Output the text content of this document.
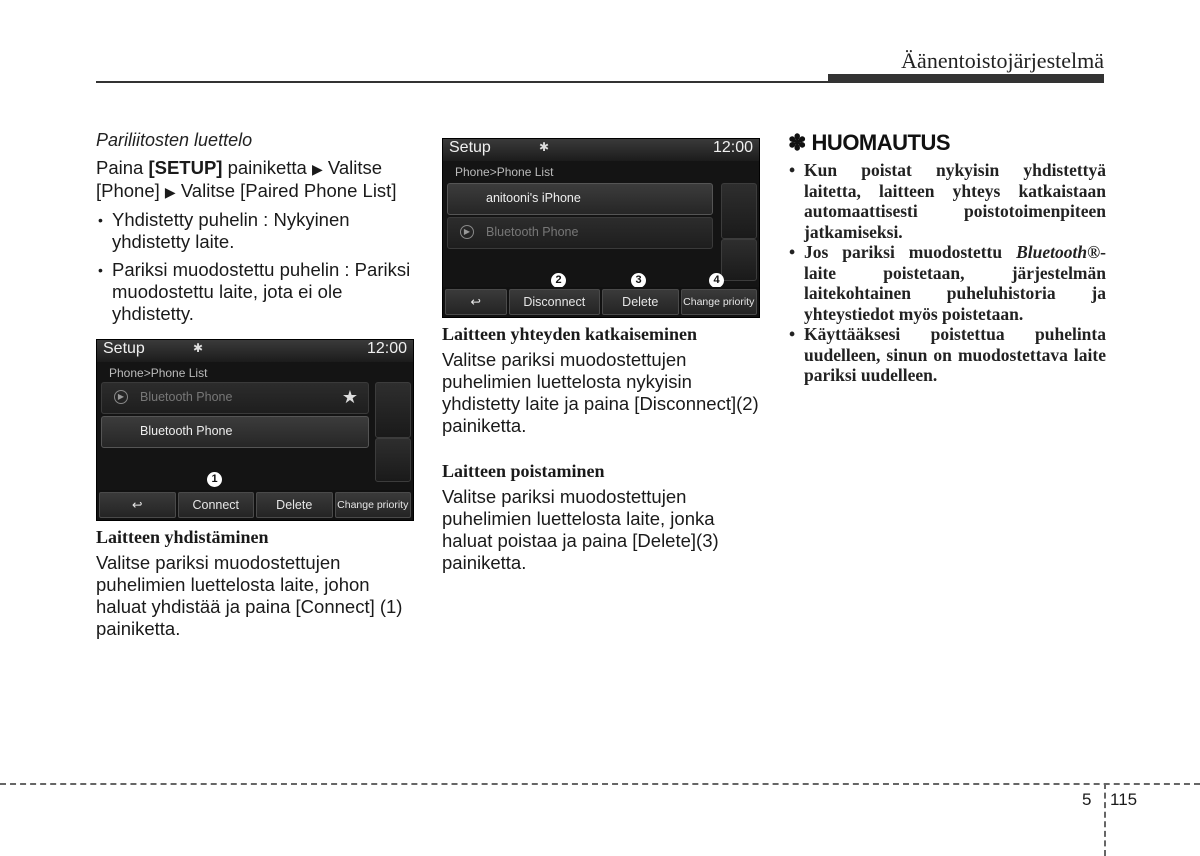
Äänentoistojärjestelmä

Pariliitosten luettelo

Paina [SETUP] painiketta ▶ Valitse [Phone] ▶ Valitse [Paired Phone List]

• Yhdistetty puhelin : Nykyinen yhdistetty laite.
• Pariksi muodostettu puhelin : Pariksi muodostettu laite, jota ei ole yhdistetty.
Setup	✱	12:00
Phone>Phone List
▶	Bluetooth Phone	★
Bluetooth Phone
1
↩	Connect	Delete	Change priority

Laitteen yhdistäminen

Valitse pariksi muodostettujen puhelimien luettelosta laite, johon haluat yhdistää ja paina [Connect] (1) painiketta.

Setup	✱	12:00
Phone>Phone List
anitooni's iPhone
▶	Bluetooth Phone
2	3	4
↩	Disconnect	Delete	Change priority

Laitteen yhteyden katkaiseminen

Valitse pariksi muodostettujen puhelimien luettelosta nykyisin yhdistetty laite ja paina [Disconnect](2) painiketta.

Laitteen poistaminen

Valitse pariksi muodostettujen puhelimien luettelosta laite, jonka haluat poistaa ja paina [Delete](3) painiketta.

✽ HUOMAUTUS

• Kun poistat nykyisin yhdistettyä laitetta, laitteen yhteys katkaistaan automaattisesti poistotoimenpiteen jatkamiseksi.
• Jos pariksi muodostettu Bluetooth®-laite poistetaan, järjestelmän laitekohtainen puheluhistoria ja yhteystiedot myös poistetaan.
• Käyttääksesi poistettua puhelinta uudelleen, sinun on muodostettava laite pariksi uudelleen.
5 115
